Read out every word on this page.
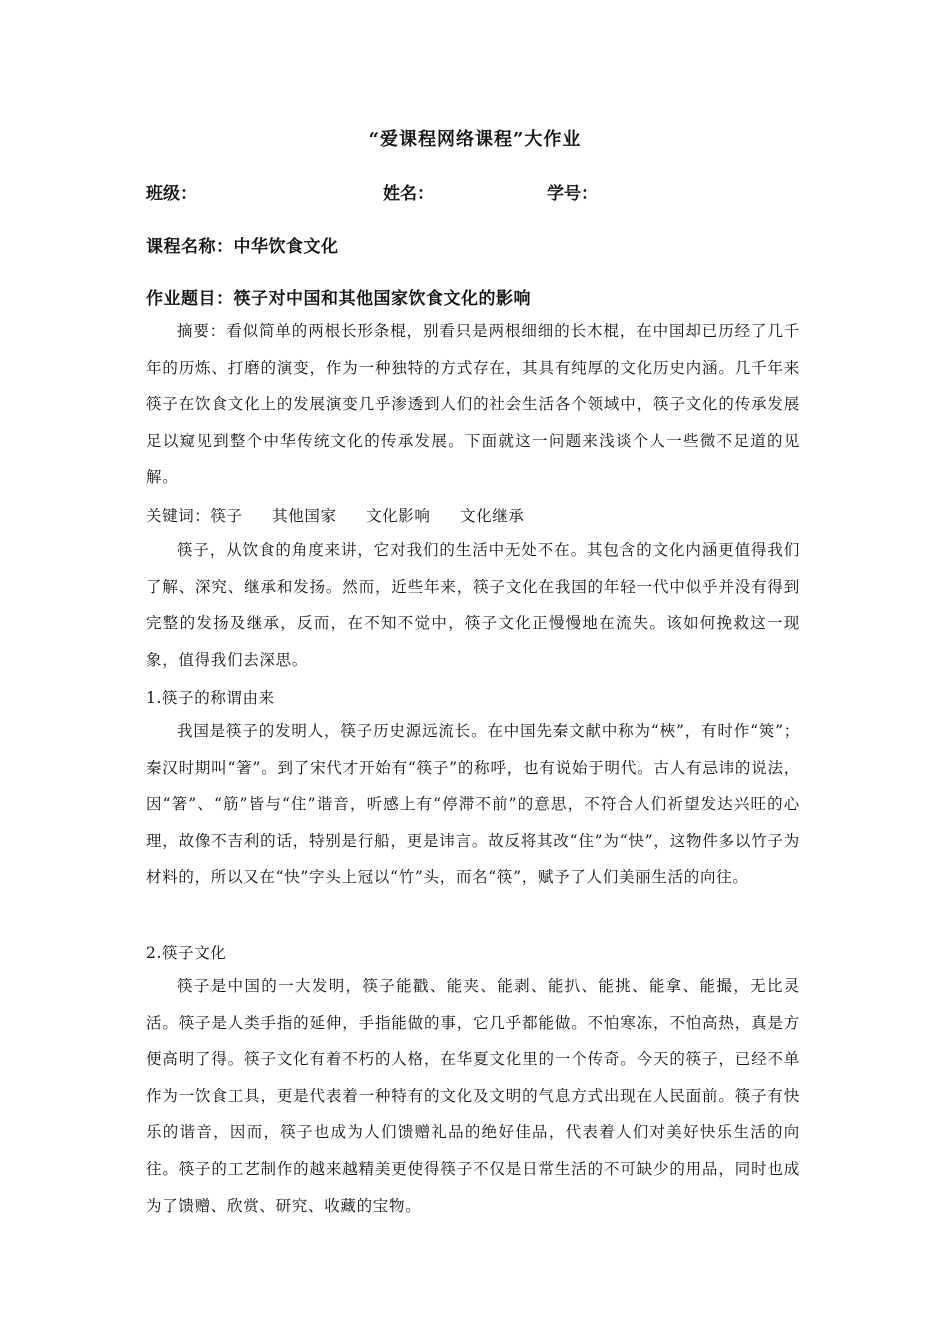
“爱课程网络课程”大作业
班级：	姓名：	学号：
课程名称：中华饮食文化
作业题目：筷子对中国和其他国家饮食文化的影响
摘要：看似简单的两根长形条棍，别看只是两根细细的长木棍，在中国却已历经了几千年的历炼、打磨的演变，作为一种独特的方式存在，其具有纯厚的文化历史内涵。几千年来筷子在饮食文化上的发展演变几乎渗透到人们的社会生活各个领域中，筷子文化的传承发展足以窥见到整个中华传统文化的传承发展。下面就这一问题来浅谈个人一些微不足道的见解。
关键词：筷子 其他国家 文化影响 文化继承
筷子，从饮食的角度来讲，它对我们的生活中无处不在。其包含的文化内涵更值得我们了解、深究、继承和发扬。然而，近些年来，筷子文化在我国的年轻一代中似乎并没有得到完整的发扬及继承，反而，在不知不觉中，筷子文化正慢慢地在流失。该如何挽救这一现象，值得我们去深思。
1.筷子的称谓由来
我国是筷子的发明人，筷子历史源远流长。在中国先秦文献中称为“梜”，有时作“筴”；秦汉时期叫“箸”。到了宋代才开始有“筷子”的称呼，也有说始于明代。古人有忌讳的说法，因“箸”、“筋”皆与“住”谐音，听感上有“停滞不前”的意思，不符合人们祈望发达兴旺的心理，故像不吉利的话，特别是行船，更是讳言。故反将其改“住”为“快”，这物件多以竹子为材料的，所以又在“快”字头上冠以“竹”头，而名“筷”，赋予了人们美丽生活的向往。
2.筷子文化
筷子是中国的一大发明，筷子能戳、能夹、能剥、能扒、能挑、能拿、能撮，无比灵活。筷子是人类手指的延伸，手指能做的事，它几乎都能做。不怕寒冻，不怕高热，真是方便高明了得。筷子文化有着不朽的人格，在华夏文化里的一个传奇。今天的筷子，已经不单作为一饮食工具，更是代表着一种特有的文化及文明的气息方式出现在人民面前。筷子有快乐的谐音，因而，筷子也成为人们馈赠礼品的绝好佳品，代表着人们对美好快乐生活的向往。筷子的工艺制作的越来越精美更使得筷子不仅是日常生活的不可缺少的用品，同时也成为了馈赠、欣赏、研究、收藏的宝物。
